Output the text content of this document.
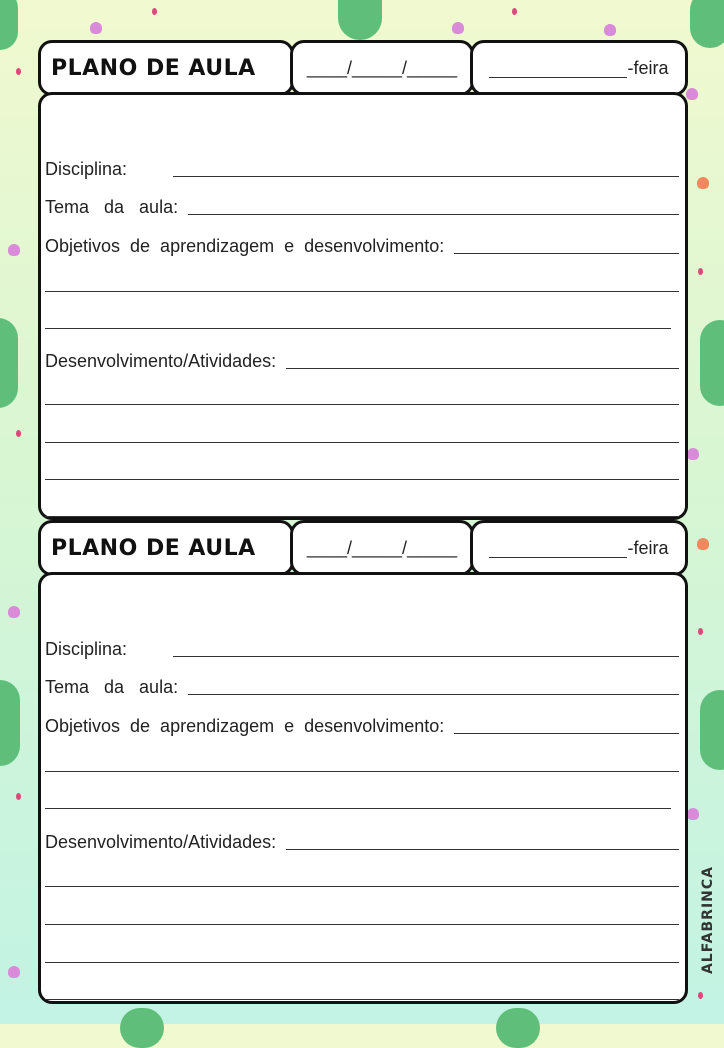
PLANO DE AULA	____/_____/_____	-feira
Disciplina:
Tema   da   aula:
Objetivos  de  aprendizagem  e  desenvolvimento:
Desenvolvimento/Atividades:
PLANO DE AULA	____/_____/_____	-feira
Disciplina:
Tema   da   aula:
Objetivos  de  aprendizagem  e  desenvolvimento:
Desenvolvimento/Atividades:
ALFABRINCA
